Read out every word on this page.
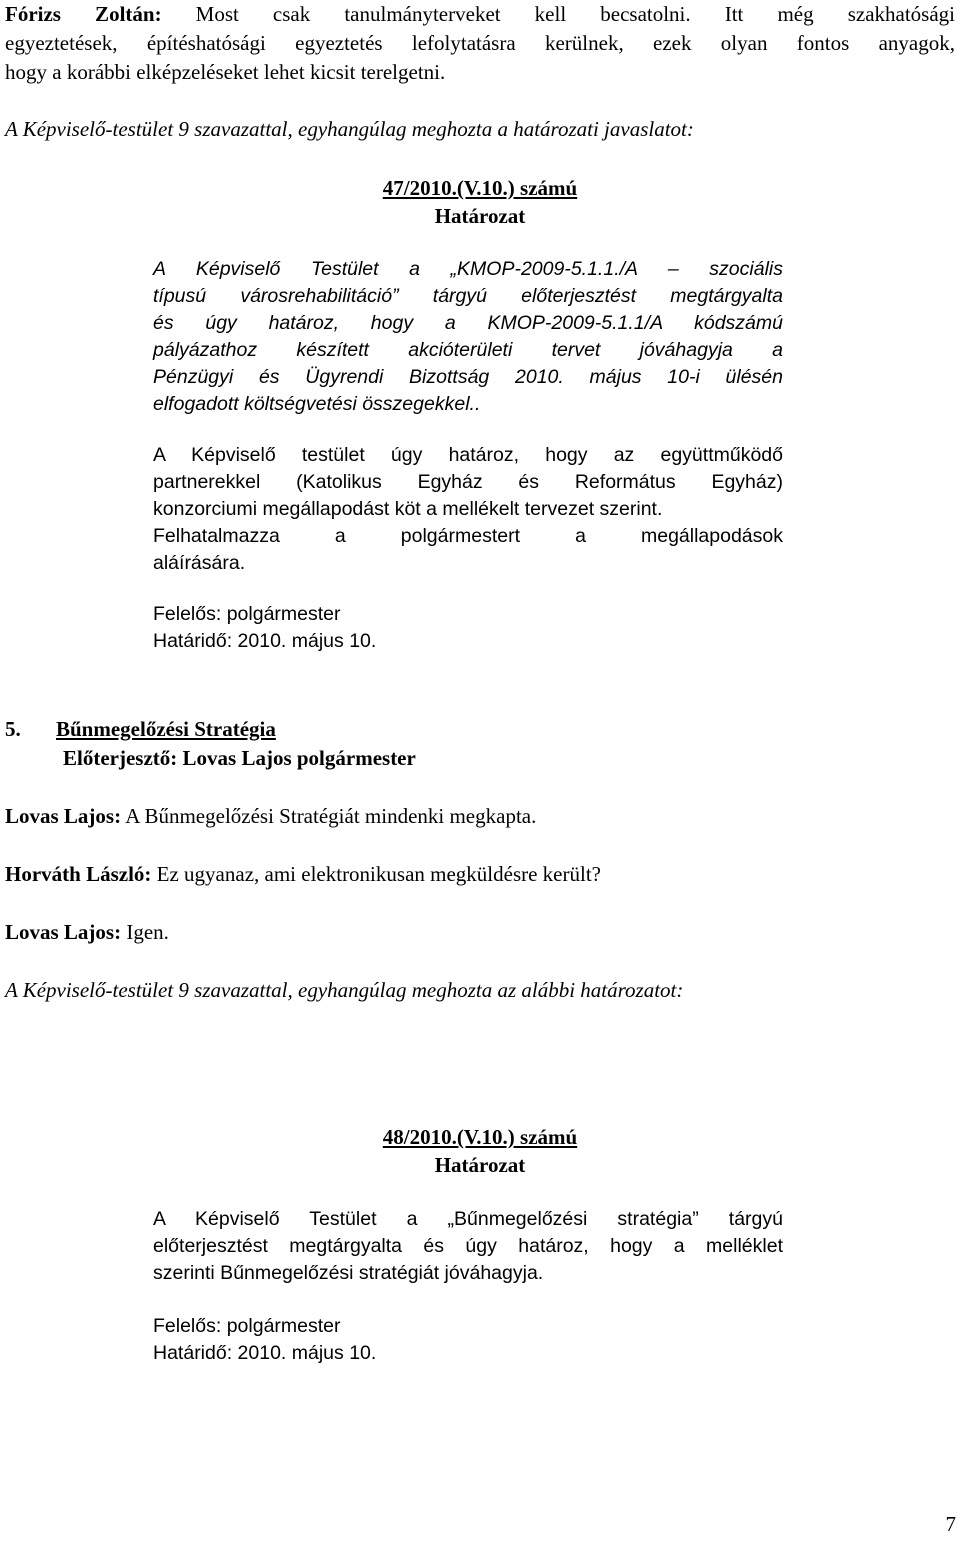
Fórizs Zoltán: Most csak tanulmányterveket kell becsatolni. Itt még szakhatósági
egyeztetések, építéshatósági egyeztetés lefolytatásra kerülnek, ezek olyan fontos anyagok,
hogy a korábbi elképzeléseket lehet kicsit terelgetni.

A Képviselő-testület 9 szavazattal, egyhangúlag meghozta a határozati javaslatot:

47/2010.(V.10.) számú

Határozat

A Képviselő Testület a „KMOP-2009-5.1.1./A – szociális
típusú városrehabilitáció” tárgyú előterjesztést megtárgyalta
és úgy határoz, hogy a KMOP-2009-5.1.1/A kódszámú
pályázathoz készített akcióterületi tervet jóváhagyja a
Pénzügyi és Ügyrendi Bizottság 2010. május 10-i ülésén
elfogadott költségvetési összegekkel..
A Képviselő testület úgy határoz, hogy az együttműködő
partnerekkel (Katolikus Egyház és Református Egyház)
konzorciumi megállapodást köt a mellékelt tervezet szerint.
Felhatalmazza a polgármestert a megállapodások
aláírására.
Felelős: polgármester
Határidő: 2010. május 10.
5. Bűnmegelőzési Stratégia
Előterjesztő: Lovas Lajos polgármester

Lovas Lajos: A Bűnmegelőzési Stratégiát mindenki megkapta.

Horváth László: Ez ugyanaz, ami elektronikusan megküldésre került?

Lovas Lajos: Igen.

A Képviselő-testület 9 szavazattal, egyhangúlag meghozta az alábbi határozatot:

48/2010.(V.10.) számú

Határozat

A Képviselő Testület a „Bűnmegelőzési stratégia” tárgyú
előterjesztést megtárgyalta és úgy határoz, hogy a melléklet
szerinti Bűnmegelőzési stratégiát jóváhagyja.
Felelős: polgármester
Határidő: 2010. május 10.
7
